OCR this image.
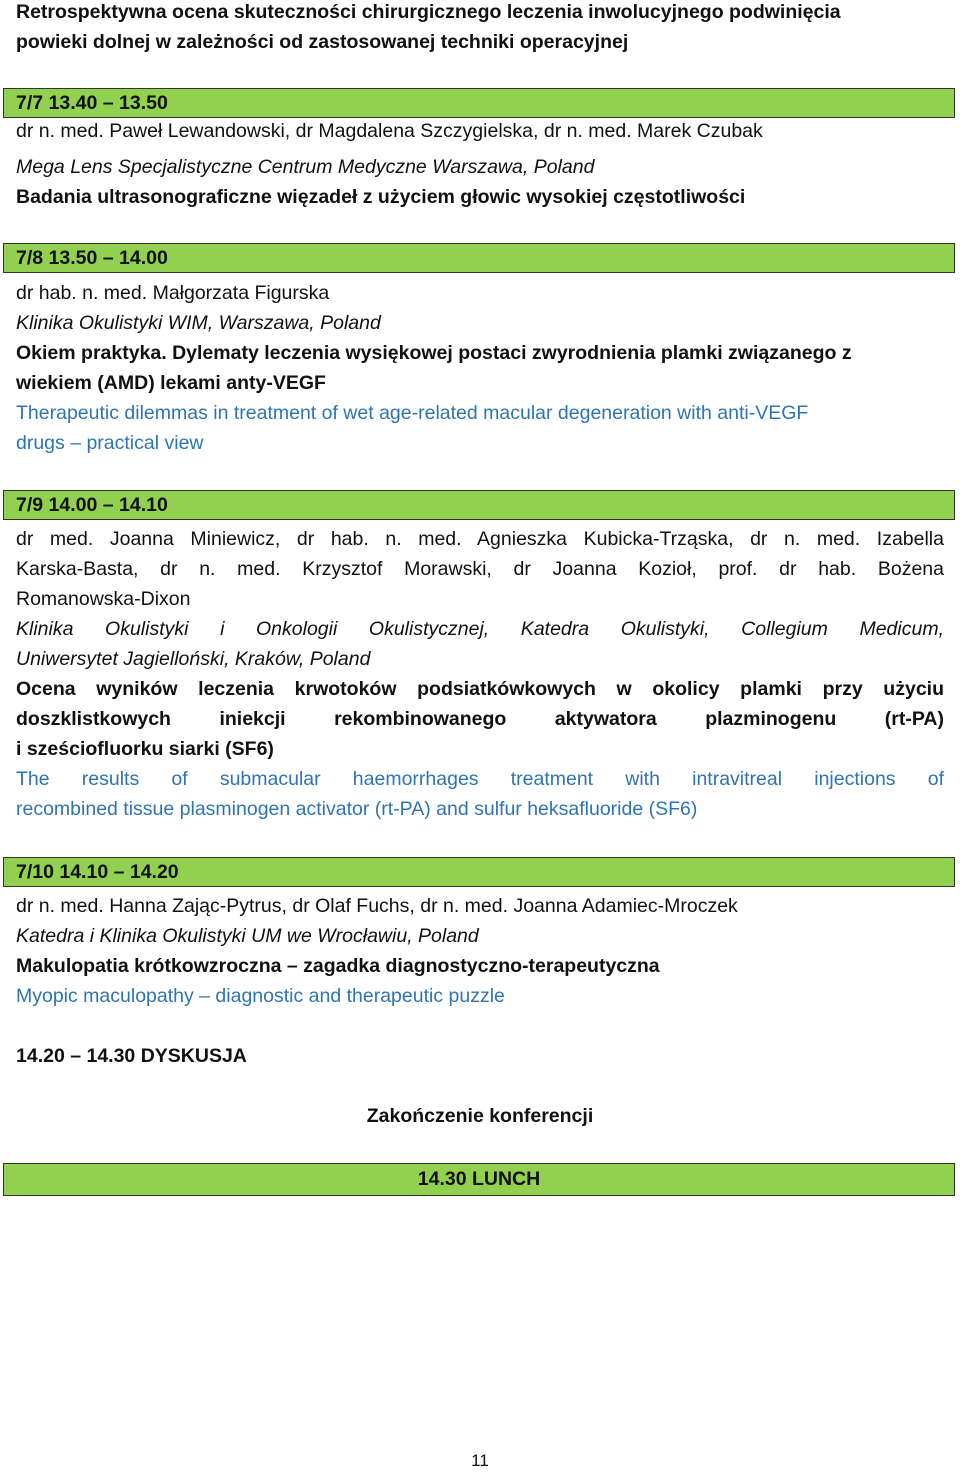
Retrospektywna ocena skuteczności chirurgicznego leczenia inwolucyjnego podwinięcia
powieki dolnej w zależności od zastosowanej techniki operacyjnej
7/7 13.40 – 13.50
dr n. med. Paweł Lewandowski, dr Magdalena Szczygielska, dr n. med. Marek Czubak
Mega Lens Specjalistyczne Centrum Medyczne Warszawa, Poland
Badania ultrasonograficzne więzadeł z użyciem głowic wysokiej częstotliwości
7/8 13.50 – 14.00
dr hab. n. med. Małgorzata Figurska
Klinika Okulistyki WIM, Warszawa, Poland
Okiem praktyka. Dylematy leczenia wysiękowej postaci zwyrodnienia plamki związanego z
wiekiem (AMD) lekami anty-VEGF
Therapeutic dilemmas in treatment of wet age-related macular degeneration with anti-VEGF
drugs – practical view
7/9 14.00 – 14.10
dr med. Joanna Miniewicz, dr hab. n. med. Agnieszka Kubicka-Trząska, dr n. med. Izabella
Karska-Basta, dr n. med. Krzysztof Morawski, dr Joanna Kozioł, prof. dr hab. Bożena
Romanowska-Dixon
Klinika Okulistyki i Onkologii Okulistycznej, Katedra Okulistyki, Collegium Medicum,
Uniwersytet Jagielloński, Kraków, Poland
Ocena wyników leczenia krwotoków podsiatkówkowych w okolicy plamki przy użyciu
doszklistkowych iniekcji rekombinowanego aktywatora plazminogenu (rt-PA)
i sześciofluorku siarki (SF6)
The results of submacular haemorrhages treatment with intravitreal injections of
recombined tissue plasminogen activator (rt-PA) and sulfur heksafluoride (SF6)
7/10 14.10 – 14.20
dr n. med. Hanna Zając-Pytrus, dr Olaf Fuchs, dr n. med. Joanna Adamiec-Mroczek
Katedra i Klinika Okulistyki UM we Wrocławiu, Poland
Makulopatia krótkowzroczna – zagadka diagnostyczno-terapeutyczna
Myopic maculopathy – diagnostic and therapeutic puzzle
14.20 – 14.30 DYSKUSJA
Zakończenie konferencji
14.30 LUNCH
11
